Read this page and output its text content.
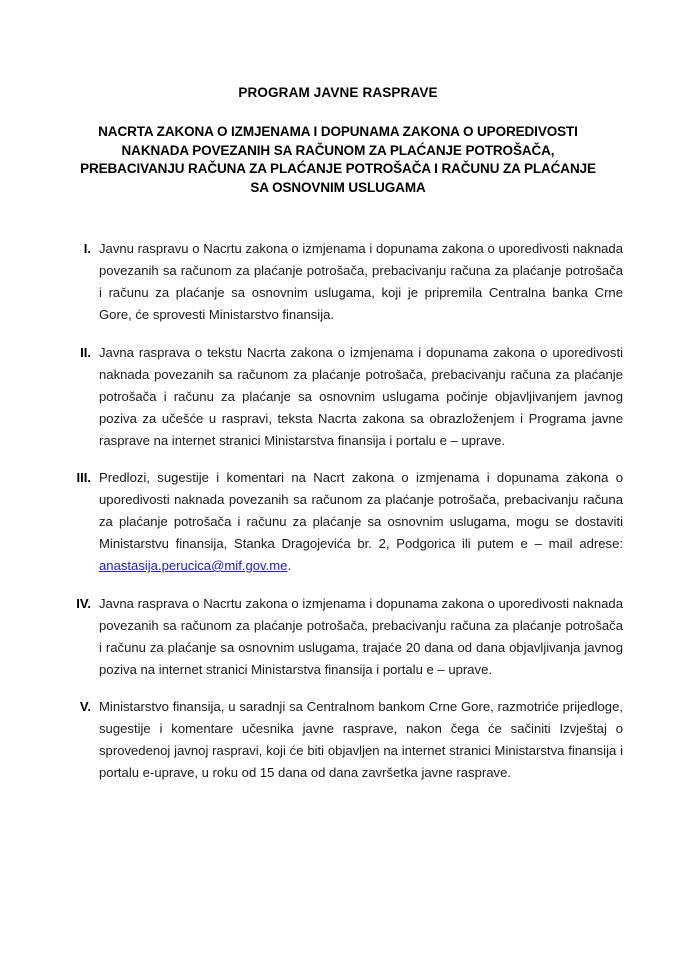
PROGRAM JAVNE RASPRAVE
NACRTA ZAKONA O IZMJENAMA I DOPUNAMA ZAKONA O UPOREDIVOSTI
NAKNADA POVEZANIH SA RAČUNOM ZA PLAĆANJE POTROŠAČA,
PREBACIVANJU RAČUNA ZA PLAĆANJE POTROŠAČA I RAČUNU ZA PLAĆANJE
SA OSNOVNIM USLUGAMA
I. Javnu raspravu o Nacrtu zakona o izmjenama i dopunama zakona o uporedivosti naknada povezanih sa računom za plaćanje potrošača, prebacivanju računa za plaćanje potrošača i računu za plaćanje sa osnovnim uslugama, koji je pripremila Centralna banka Crne Gore, će sprovesti Ministarstvo finansija.
II. Javna rasprava o tekstu Nacrta zakona o izmjenama i dopunama zakona o uporedivosti naknada povezanih sa računom za plaćanje potrošača, prebacivanju računa za plaćanje potrošača i računu za plaćanje sa osnovnim uslugama počinje objavljivanjem javnog poziva za učešće u raspravi, teksta Nacrta zakona sa obrazloženjem i Programa javne rasprave na internet stranici Ministarstva finansija i portalu e – uprave.
III. Predlozi, sugestije i komentari na Nacrt zakona o izmjenama i dopunama zakona o uporedivosti naknada povezanih sa računom za plaćanje potrošača, prebacivanju računa za plaćanje potrošača i računu za plaćanje sa osnovnim uslugama, mogu se dostaviti Ministarstvu finansija, Stanka Dragojevića br. 2, Podgorica ili putem e – mail adrese: anastasija.perucica@mif.gov.me.
IV. Javna rasprava o Nacrtu zakona o izmjenama i dopunama zakona o uporedivosti naknada povezanih sa računom za plaćanje potrošača, prebacivanju računa za plaćanje potrošača i računu za plaćanje sa osnovnim uslugama, trajaće 20 dana od dana objavljivanja javnog poziva na internet stranici Ministarstva finansija i portalu e – uprave.
V. Ministarstvo finansija, u saradnji sa Centralnom bankom Crne Gore, razmotriće prijedloge, sugestije i komentare učesnika javne rasprave, nakon čega će sačiniti Izvještaj o sprovedenoj javnoj raspravi, koji će biti objavljen na internet stranici Ministarstva finansija i portalu e-uprave, u roku od 15 dana od dana završetka javne rasprave.
